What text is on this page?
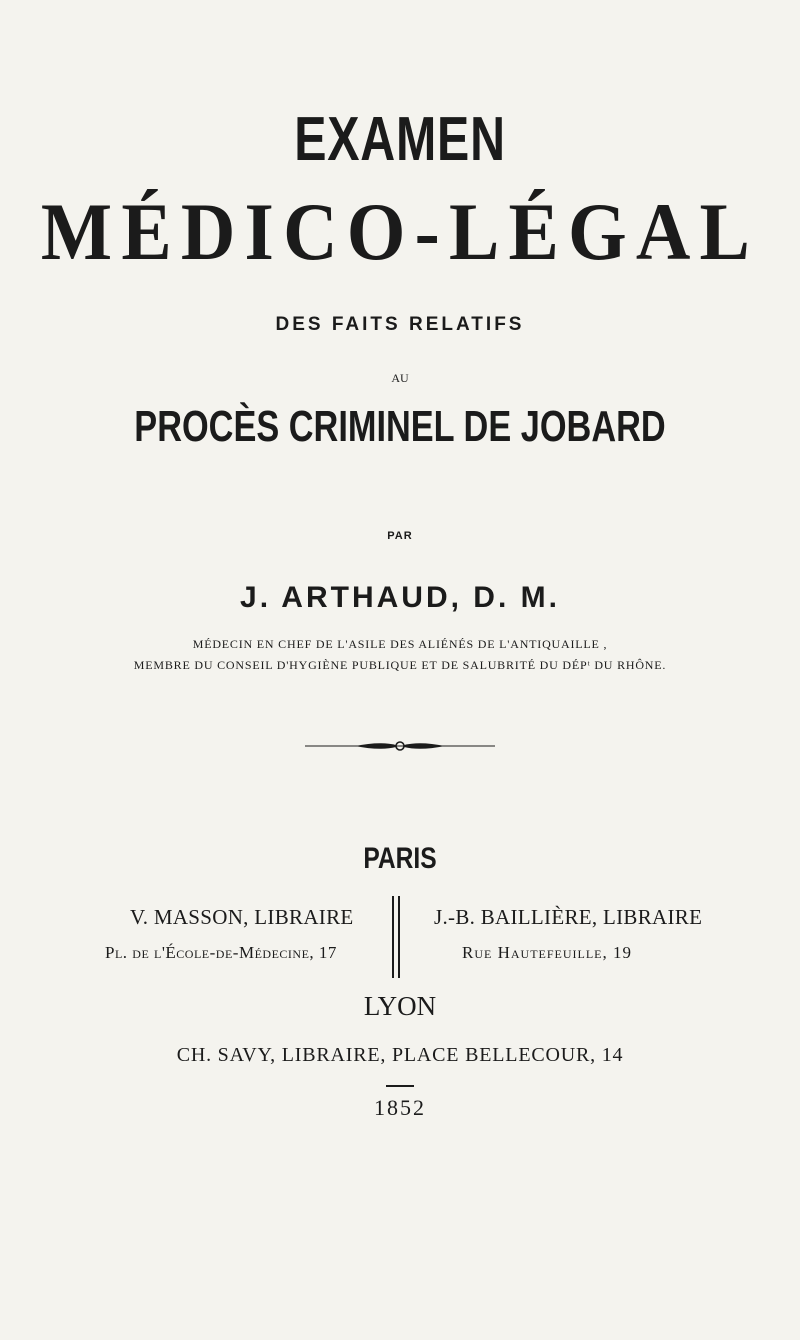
EXAMEN
MÉDICO-LÉGAL
DES FAITS RELATIFS
AU
PROCÈS CRIMINEL DE JOBARD
PAR
J. ARTHAUD, D. M.
MÉDECIN EN CHEF DE L'ASILE DES ALIÉNÉS DE L'ANTIQUAILLE ,
MEMBRE DU CONSEIL D'HYGIÈNE PUBLIQUE ET DE SALUBRITÉ DU DÉPᵗ DU RHÔNE.
PARIS
V. MASSON, LIBRAIRE
Pl. de l'École-de-Médecine, 17
J.-B. BAILLIÈRE, LIBRAIRE
Rue Hautefeuille, 19
LYON
CH. SAVY, LIBRAIRE, PLACE BELLECOUR, 14
1852
